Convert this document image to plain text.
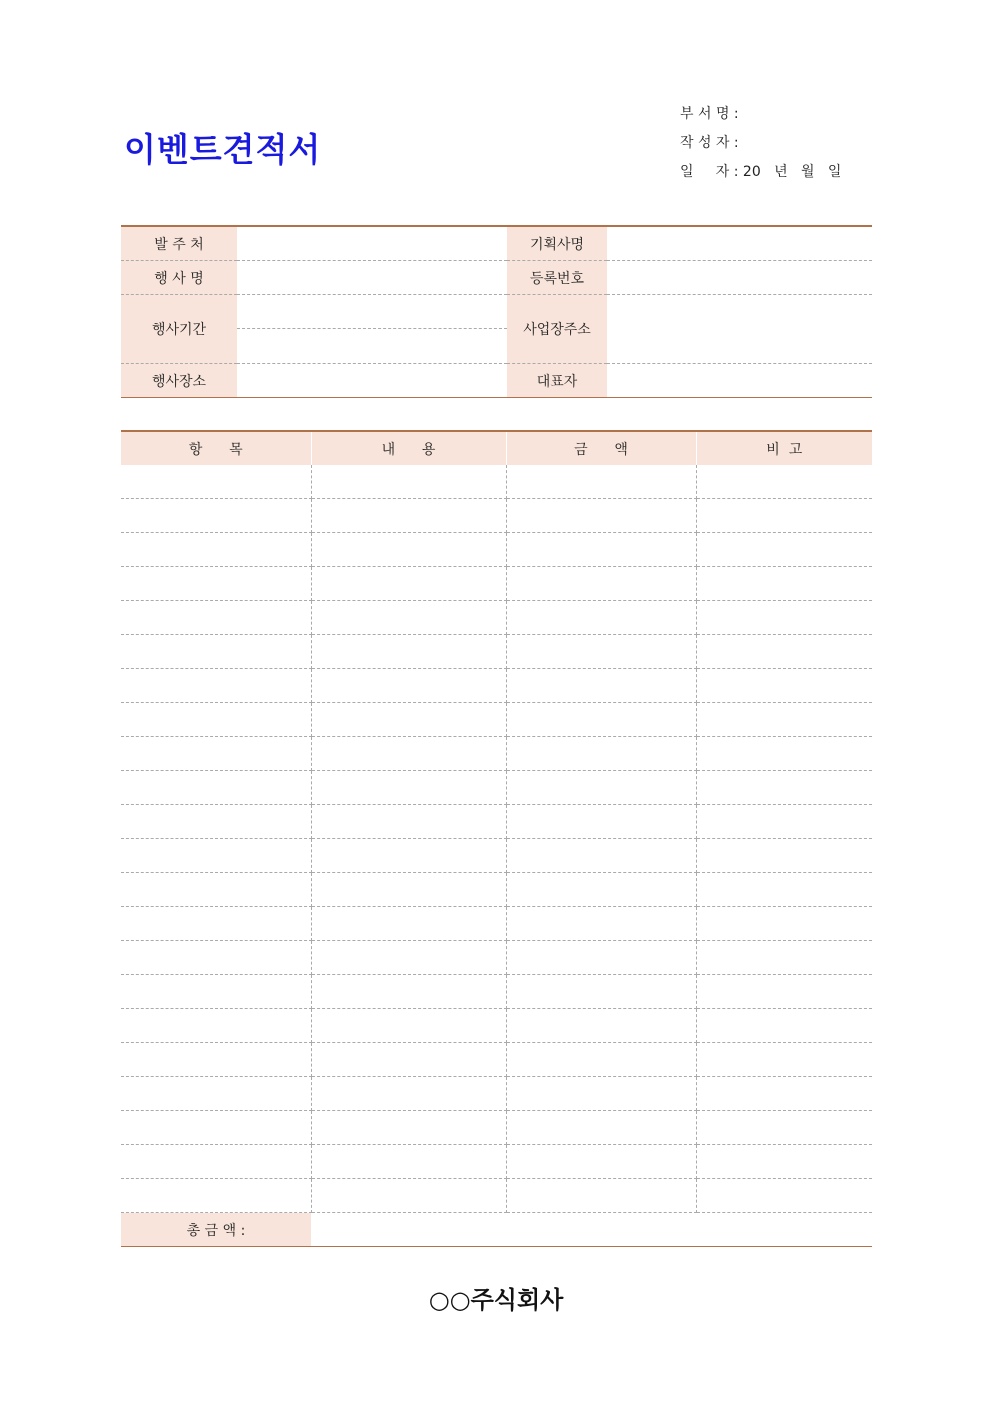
이벤트견적서
부 서 명 :
작 성 자 :
일     자 : 20   년   월   일
발 주 처		기획사명	
행 사 명		등록번호	
행사기간		사업장주소	
행사장소		대표자	
항      목	내      용	금      액	비  고

총 금 액 :			
○○주식회사
